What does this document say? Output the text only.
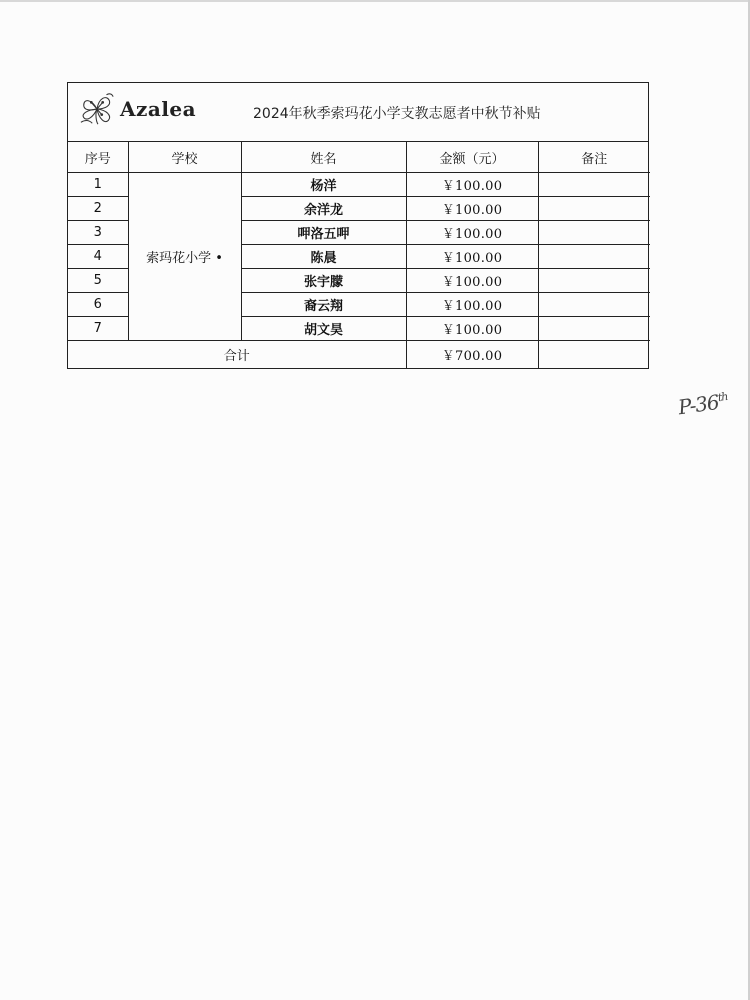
Azalea	2024年秋季索玛花小学支教志愿者中秋节补贴
序号	学校	姓名	金额（元）	备注
1	索玛花小学 •	杨洋	￥100.00	
2		余洋龙	￥100.00	
3		呷洛五呷	￥100.00	
4		陈晨	￥100.00	
5		张宇朦	￥100.00	
6		裔云翔	￥100.00	
7		胡文昊	￥100.00	
合计			￥700.00	
P-36th
